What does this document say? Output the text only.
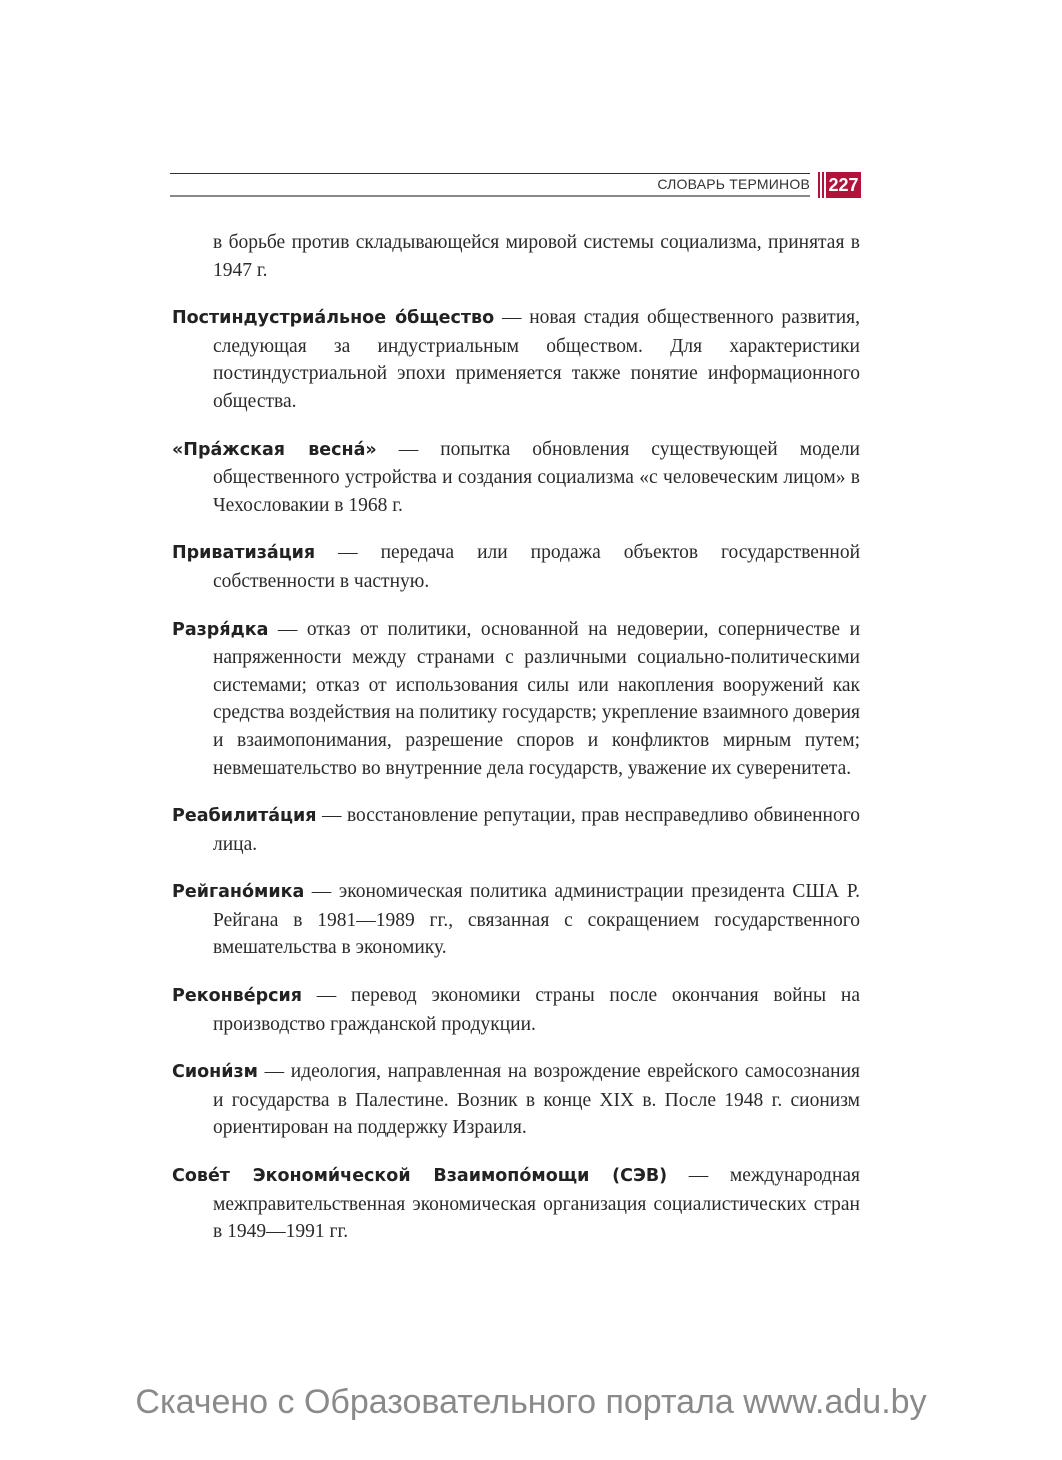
СЛОВАРЬ ТЕРМИНОВ 227

в борьбе против складывающейся мировой системы социализма, принятая в 1947 г.

Постиндустриа́льное о́бщество — новая стадия общественного развития, следующая за индустриальным обществом. Для характеристики постиндустриальной эпохи применяется также понятие информационного общества.

«Пра́жская весна́» — попытка обновления существующей модели общественного устройства и создания социализма «с человеческим лицом» в Чехословакии в 1968 г.

Приватиза́ция — передача или продажа объектов государственной собственности в частную.

Разря́дка — отказ от политики, основанной на недоверии, соперничестве и напряженности между странами с различными социально-политическими системами; отказ от использования силы или накопления вооружений как средства воздействия на политику государств; укрепление взаимного доверия и взаимопонимания, разрешение споров и конфликтов мирным путем; невмешательство во внутренние дела государств, уважение их суверенитета.

Реабилита́ция — восстановление репутации, прав несправедливо обвиненного лица.

Рейгано́мика — экономическая политика администрации президента США Р. Рейгана в 1981—1989 гг., связанная с сокращением государственного вмешательства в экономику.

Реконве́рсия — перевод экономики страны после окончания войны на производство гражданской продукции.

Сиони́зм — идеология, направленная на возрождение еврейского самосознания и государства в Палестине. Возник в конце XIX в. После 1948 г. сионизм ориентирован на поддержку Израиля.

Сове́т Экономи́ческой Взаимопо́мощи (СЭВ) — международная межправительственная экономическая организация социалистических стран в 1949—1991 гг.

Скачено с Образовательного портала www.adu.by
